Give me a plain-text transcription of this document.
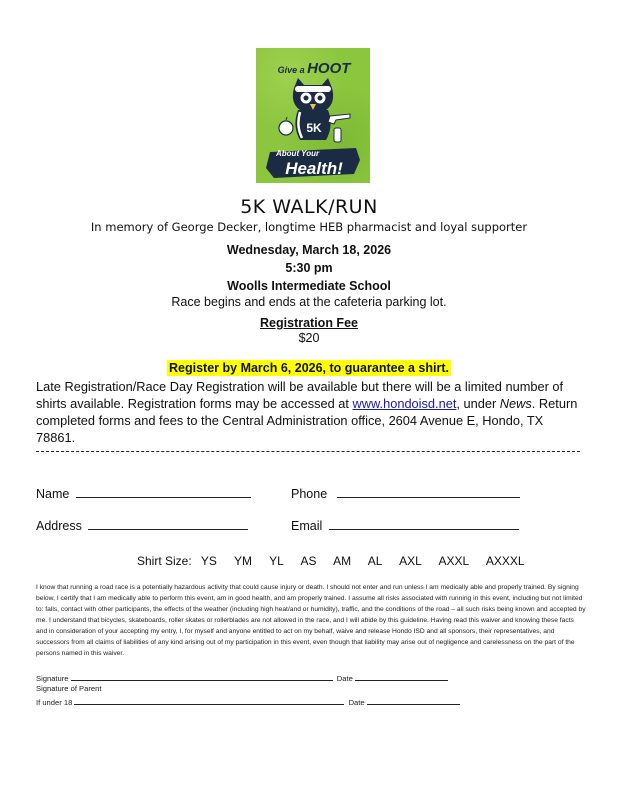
Give a HOOT
5K
About Your
Health!
5K WALK/RUN
In memory of George Decker, longtime HEB pharmacist and loyal supporter
Wednesday, March 18, 2026
5:30 pm
Woolls Intermediate School
Race begins and ends at the cafeteria parking lot.
Registration Fee
$20
Register by March 6, 2026, to guarantee a shirt.
Late Registration/Race Day Registration will be available but there will be a limited number of shirts available. Registration forms may be accessed at www.hondoisd.net, under News. Return completed forms and fees to the Central Administration office, 2604 Avenue E, Hondo, TX 78861.
Name	Phone
Address	Email
Shirt Size: YS YM YL AS AM AL AXL AXXL AXXXL
I know that running a road race is a potentially hazardous activity that could cause injury or death. I should not enter and run unless I am medically able and properly trained. By signing below, I certify that I am medically able to perform this event, am in good health, and am properly trained. I assume all risks associated with running in this event, including but not limited to: falls, contact with other participants, the effects of the weather (including high heat/and or humidity), traffic, and the conditions of the road – all such risks being known and accepted by me. I understand that bicycles, skateboards, roller skates or rollerblades are not allowed in the race, and I will abide by this guideline. Having read this waiver and knowing these facts and in consideration of your accepting my entry, I, for myself and anyone entitled to act on my behalf, waive and release Hondo ISD and all sponsors, their representatives, and successors from all claims of liabilities of any kind arising out of my participation in this event, even though that liability may arise out of negligence and carelessness on the part of the persons named in this waiver.
Signature	Date
Signature of Parent
If under 18	Date
